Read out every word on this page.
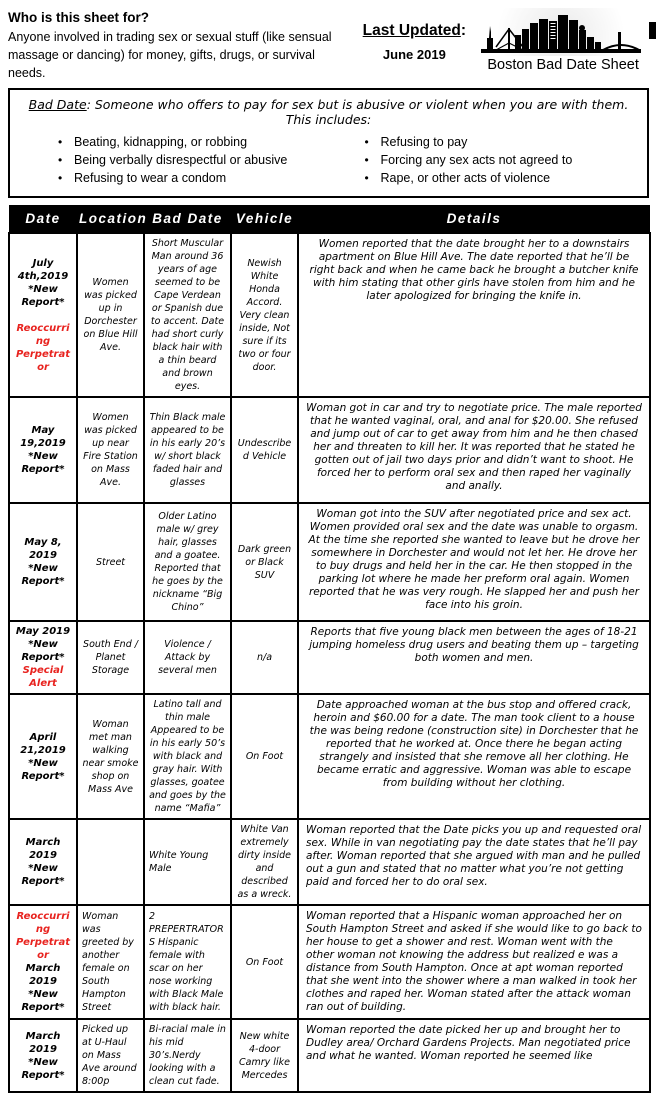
Who is this sheet for?
Anyone involved in trading sex or sexual stuff (like sensual massage or dancing) for money, gifts, drugs, or survival needs.
Last Updated:
June 2019
Boston Bad Date Sheet
Bad Date: Someone who offers to pay for sex but is abusive or violent when you are with them. This includes:
• Beating, kidnapping, or robbing
• Being verbally disrespectful or abusive
• Refusing to wear a condom
• Refusing to pay
• Forcing any sex acts not agreed to
• Rape, or other acts of violence
Date	Location	Bad Date	Vehicle	Details

July 4th,2019
*New Report*

Reoccurring
Perpetrator
	Women was picked up in Dorchester on Blue Hill Ave.	Short Muscular Man around 36 years of age seemed to be Cape Verdean or Spanish due to accent. Date had short curly black hair with a thin beard and brown eyes.	Newish White Honda Accord. Very clean inside, Not sure if its two or four door.	Women reported that the date brought her to a downstairs apartment on Blue Hill Ave. The date reported that he’ll be right back and when he came back he brought a butcher knife with him stating that other girls have stolen from him and he later apologized for bringing the knife in.

May 19,2019
*New Report*	Women was picked up near Fire Station on Mass Ave.	Thin Black male appeared to be in his early 20’s w/ short black faded hair and glasses	Undescribed Vehicle	Woman got in car and try to negotiate price. The male reported that he wanted vaginal, oral, and anal for $20.00. She refused and jump out of car to get away from him and he then chased her and threaten to kill her. It was reported that he stated he gotten out of jail two days prior and didn’t want to shoot. He forced her to perform oral sex and then raped her vaginally and anally.

May 8, 2019
*New Report*	Street	Older Latino male w/ grey hair, glasses and a goatee. Reported that he goes by the nickname “Big Chino”	Dark green or Black SUV	Woman got into the SUV after negotiated price and sex act. Women provided oral sex and the date was unable to orgasm. At the time she reported she wanted to leave but he drove her somewhere in Dorchester and would not let her. He drove her to buy drugs and held her in the car. He then stopped in the parking lot where he made her preform oral again. Women reported that he was very rough. He slapped her and push her face into his groin.

May 2019
*New Report*
Special Alert	South End / Planet Storage	Violence / Attack by several men	n/a	Reports that five young black men between the ages of 18-21 jumping homeless drug users and beating them up – targeting both women and men.

April 21,2019
*New Report*	Woman met man walking near smoke shop on Mass Ave	Latino tall and thin male Appeared to be in his early 50’s with black and gray hair. With glasses, goatee and goes by the name “Mafia”	On Foot	Date approached woman at the bus stop and offered crack, heroin and $60.00 for a date. The man took client to a house the was being redone (construction site) in Dorchester that he reported that he worked at. Once there he began acting strangely and insisted that she remove all her clothing. He became erratic and aggressive. Woman was able to escape from building without her clothing.

March 2019
*New Report*		White Young Male	White Van extremely dirty inside and described as a wreck.	Woman reported that the Date picks you up and requested oral sex. While in van negotiating pay the date states that he’ll pay after. Woman reported that she argued with man and he pulled out a gun and stated that no matter what you’re not getting paid and forced her to do oral sex.

Reoccurring
Perpetrator
March 2019
*New Report*
	Woman was greeted by another female on South Hampton Street	2 PREPERTRATORS Hispanic female with scar on her nose working with Black Male with black hair.	On Foot	Woman reported that a Hispanic woman approached her on South Hampton Street and asked if she would like to go back to her house to get a shower and rest. Woman went with the other woman not knowing the address but realized e was a distance from South Hampton. Once at apt woman reported that she went into the shower where a man walked in took her clothes and raped her. Woman stated after the attack woman ran out of building.

March 2019
*New Report*	Picked up at U-Haul on Mass Ave around 8:00p	Bi-racial male in his mid 30’s.Nerdy looking with a clean cut fade.	New white 4-door Camry like Mercedes	Woman reported the date picked her up and brought her to Dudley area/ Orchard Gardens Projects. Man negotiated price and what he wanted. Woman reported he seemed like
